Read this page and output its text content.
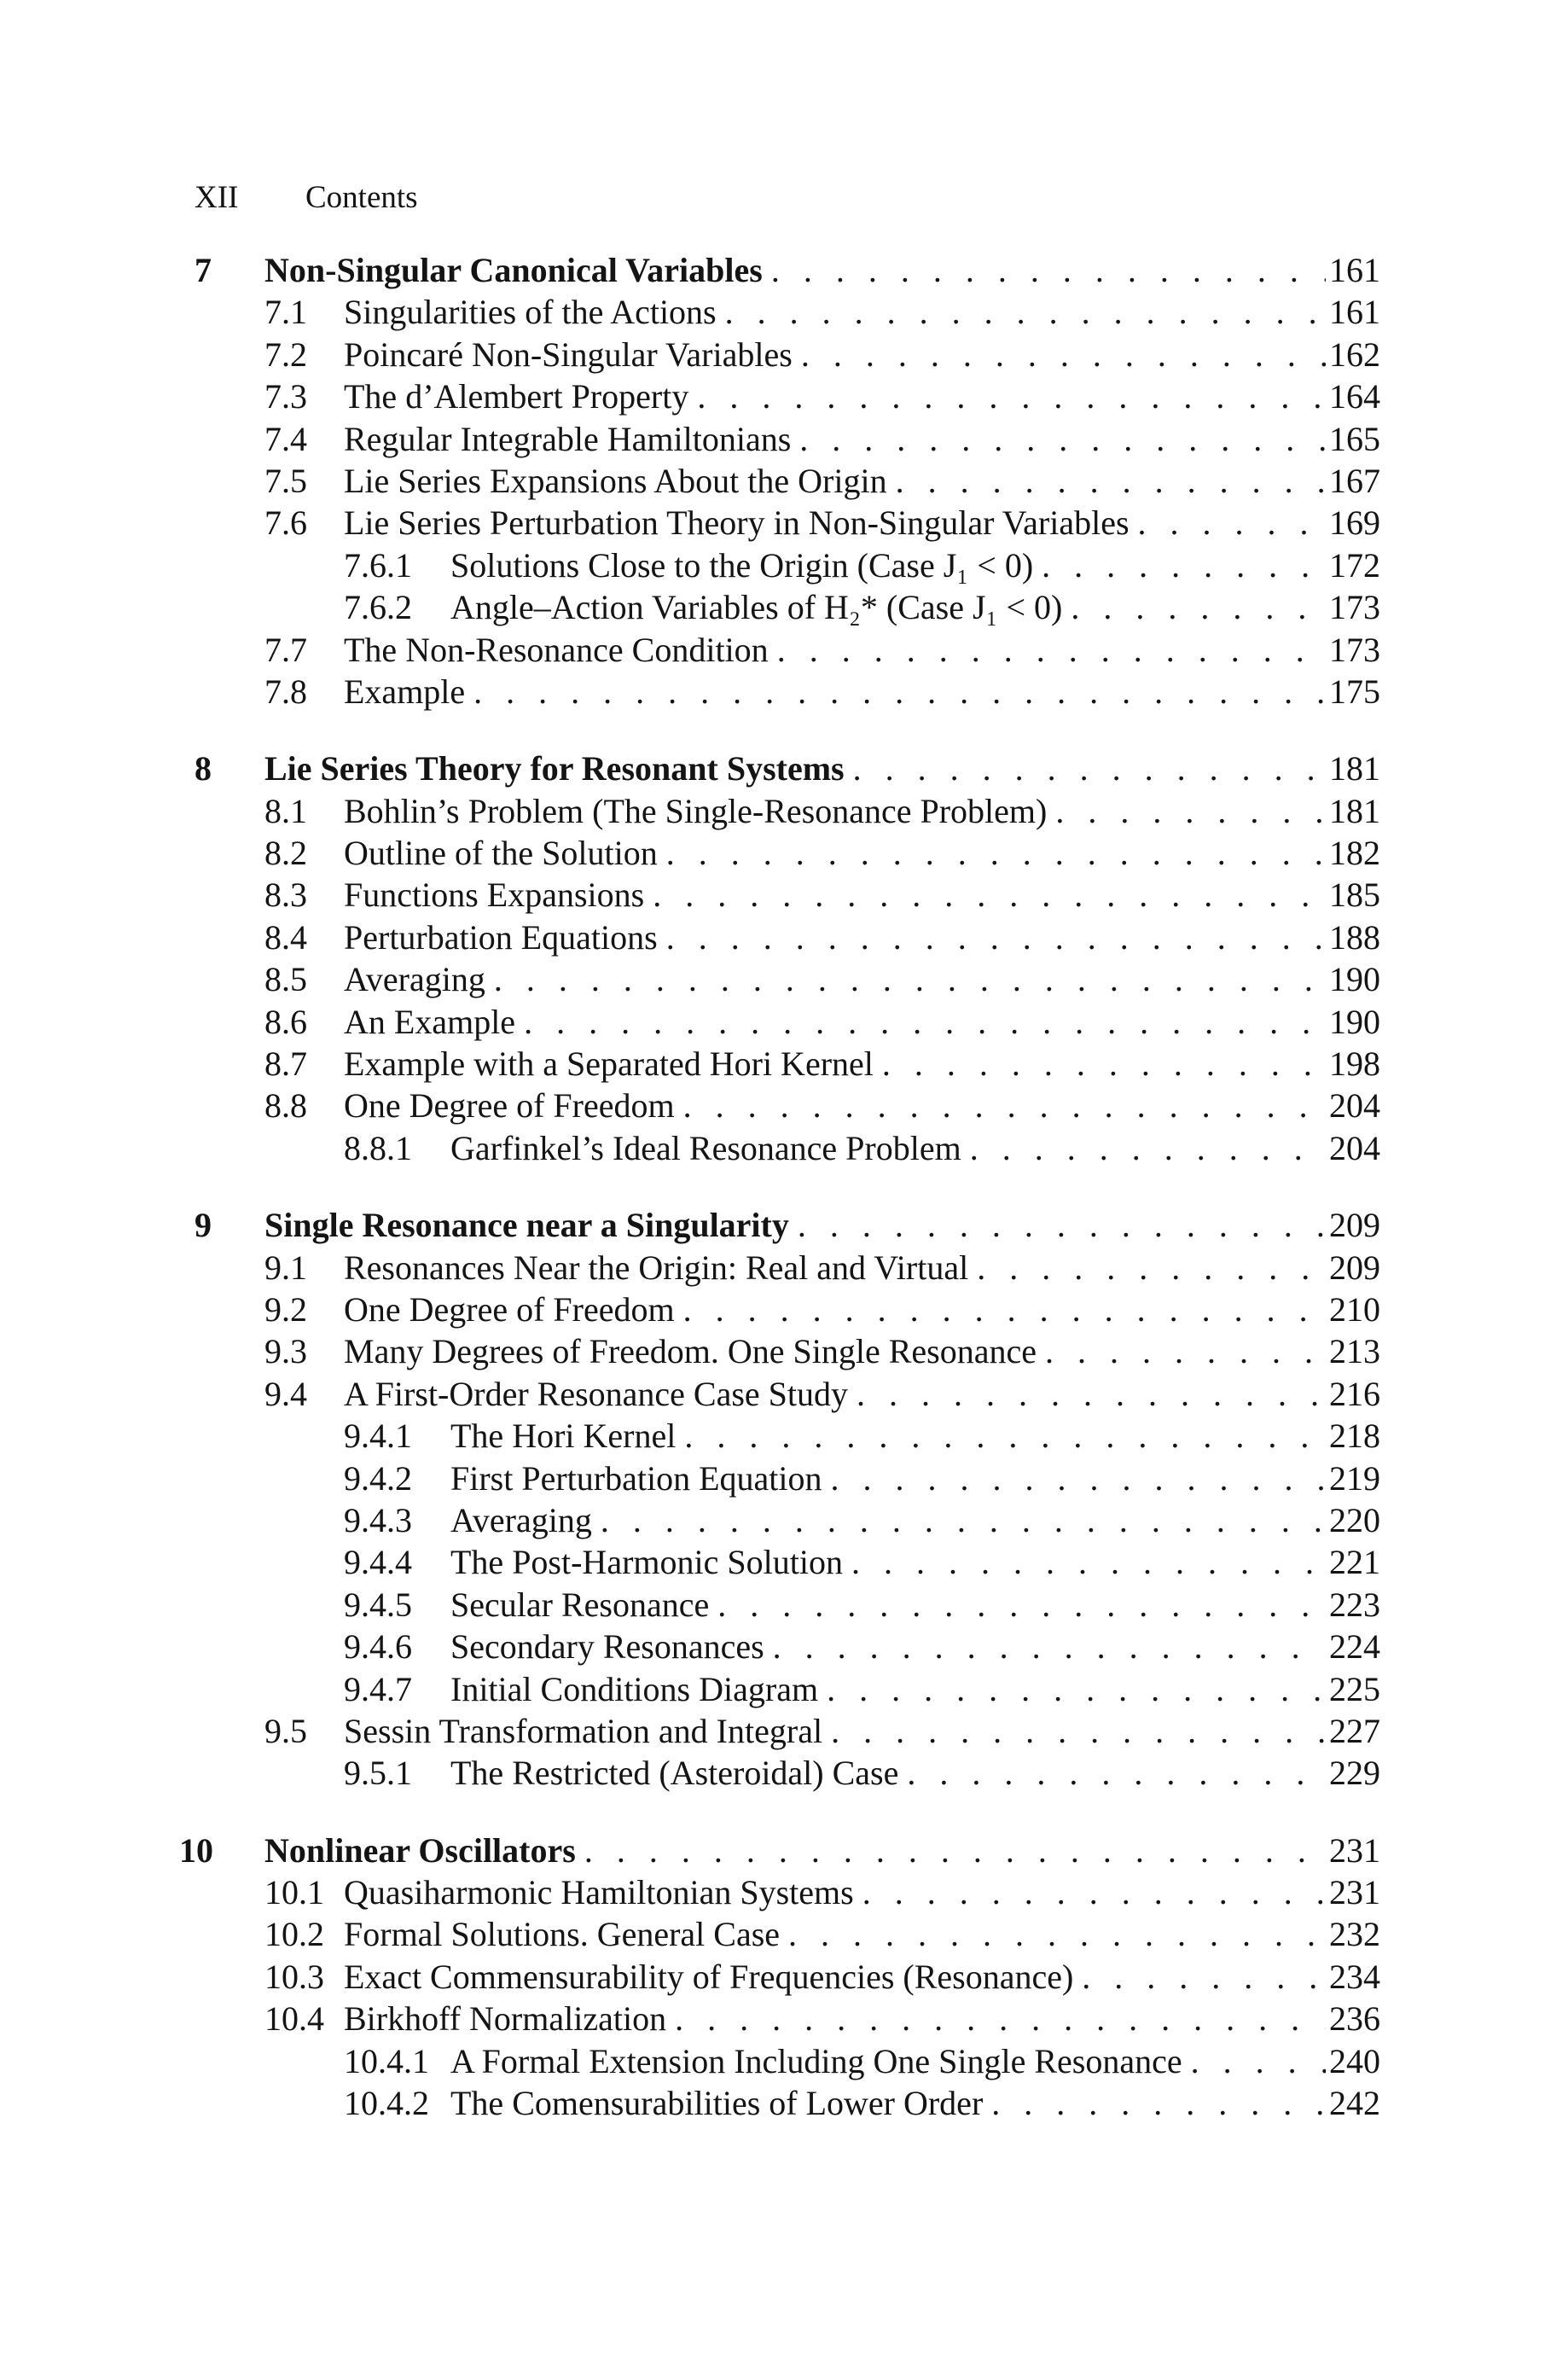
XII Contents
7 Non-Singular Canonical Variables . . .	161
7.1 Singularities of the Actions . . .	161
7.2 Poincaré Non-Singular Variables . . .	162
7.3 The d’Alembert Property . . .	164
7.4 Regular Integrable Hamiltonians . . .	165
7.5 Lie Series Expansions About the Origin . . .	167
7.6 Lie Series Perturbation Theory in Non-Singular Variables . . .	169
7.6.1 Solutions Close to the Origin (Case J₁ < 0) . . .	172
7.6.2 Angle–Action Variables of H₂* (Case J₁ < 0) . . .	173
7.7 The Non-Resonance Condition . . .	173
7.8 Example . . .	175
8 Lie Series Theory for Resonant Systems . . .	181
8.1 Bohlin’s Problem (The Single-Resonance Problem) . . .	181
8.2 Outline of the Solution . . .	182
8.3 Functions Expansions . . .	185
8.4 Perturbation Equations . . .	188
8.5 Averaging . . .	190
8.6 An Example . . .	190
8.7 Example with a Separated Hori Kernel . . .	198
8.8 One Degree of Freedom . . .	204
8.8.1 Garfinkel’s Ideal Resonance Problem . . .	204
9 Single Resonance near a Singularity . . .	209
9.1 Resonances Near the Origin: Real and Virtual . . .	209
9.2 One Degree of Freedom . . .	210
9.3 Many Degrees of Freedom. One Single Resonance . . .	213
9.4 A First-Order Resonance Case Study . . .	216
9.4.1 The Hori Kernel . . .	218
9.4.2 First Perturbation Equation . . .	219
9.4.3 Averaging . . .	220
9.4.4 The Post-Harmonic Solution . . .	221
9.4.5 Secular Resonance . . .	223
9.4.6 Secondary Resonances . . .	224
9.4.7 Initial Conditions Diagram . . .	225
9.5 Sessin Transformation and Integral . . .	227
9.5.1 The Restricted (Asteroidal) Case . . .	229
10 Nonlinear Oscillators . . .	231
10.1 Quasiharmonic Hamiltonian Systems . . .	231
10.2 Formal Solutions. General Case . . .	232
10.3 Exact Commensurability of Frequencies (Resonance) . . .	234
10.4 Birkhoff Normalization . . .	236
10.4.1 A Formal Extension Including One Single Resonance . . .	240
10.4.2 The Comensurabilities of Lower Order . . .	242
